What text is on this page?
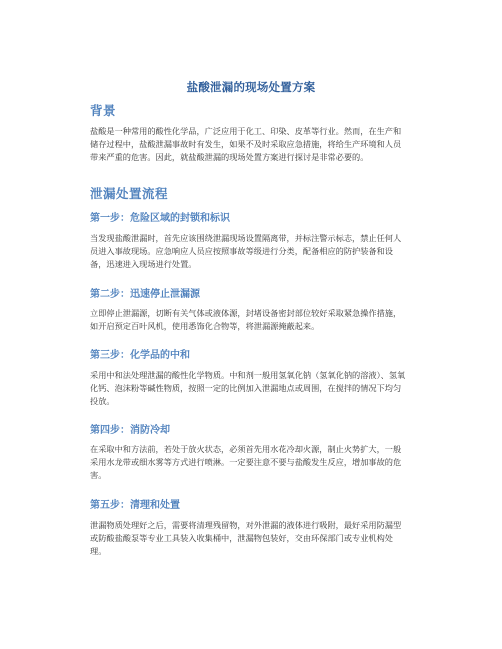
盐酸泄漏的现场处置方案
背景
盐酸是一种常用的酸性化学品，广泛应用于化工、印染、皮革等行业。然而，在生产和储存过程中，盐酸泄漏事故时有发生，如果不及时采取应急措施，将给生产环境和人员带来严重的危害。因此，就盐酸泄漏的现场处置方案进行探讨是非常必要的。
泄漏处置流程
第一步：危险区域的封锁和标识
当发现盐酸泄漏时，首先应该围绕泄漏现场设置隔离带，并标注警示标志，禁止任何人员进入事故现场。应急响应人员应按照事故等级进行分类，配备相应的防护装备和设备，迅速进入现场进行处置。
第二步：迅速停止泄漏源
立即停止泄漏源，切断有关气体或液体源，封堵设备密封部位较好采取紧急操作措施，如开启预定百叶风机，使用悉饰化合物等，将泄漏源掩蔽起来。
第三步：化学品的中和
采用中和法处理泄漏的酸性化学物质。中和剂一般用氢氧化钠（氢氧化钠的溶液）、氢氧化钙、泡沫粉等碱性物质，按照一定的比例加入泄漏地点或周围，在搅拌的情况下均匀投放。
第四步：消防冷却
在采取中和方法前，若处于放火状态，必须首先用水花冷却火源，制止火势扩大，一般采用水龙带或细水雾等方式进行喷淋。一定要注意不要与盐酸发生反应，增加事故的危害。
第五步：清理和处置
泄漏物质处理好之后，需要将清理残留物，对外泄漏的液体进行吸附，最好采用防漏型或防酸盐酸泵等专业工具装入收集桶中，泄漏物包装好，交由环保部门或专业机构处理。
